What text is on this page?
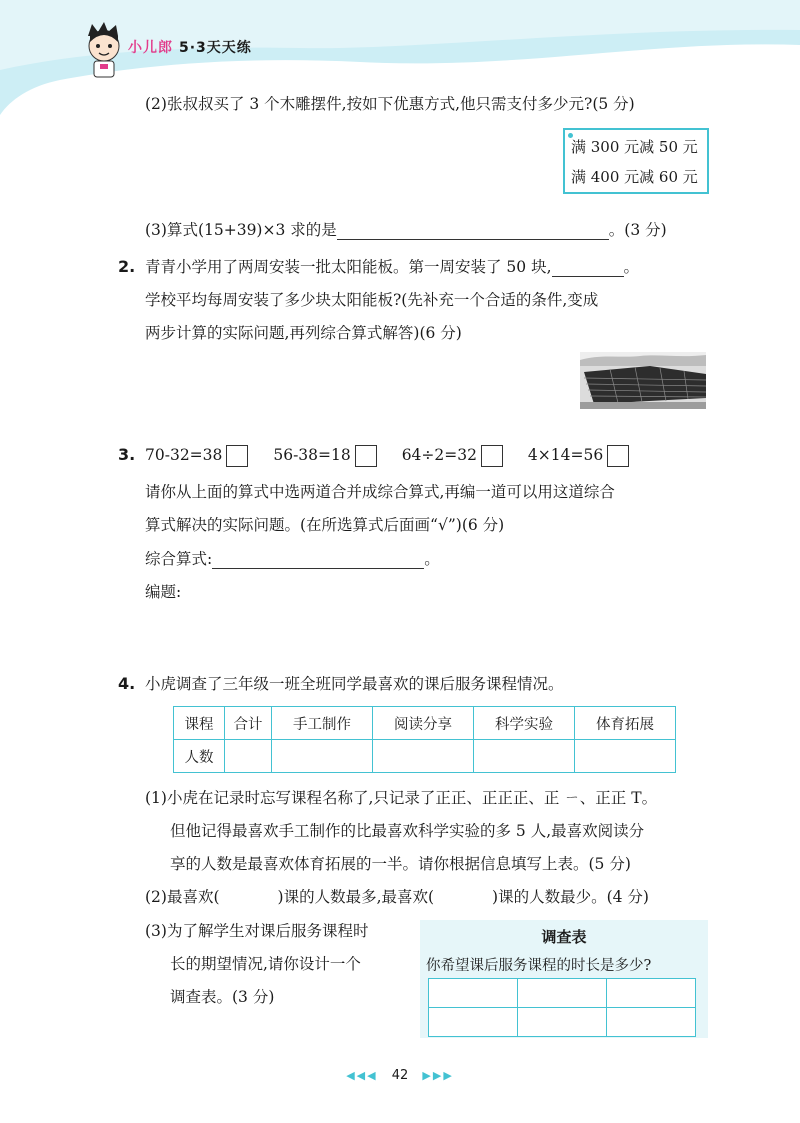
小儿郎 5·3天天练
(2)张叔叔买了 3 个木雕摆件,按如下优惠方式,他只需支付多少元?(5 分)
满 300 元减 50 元
满 400 元减 60 元
(3)算式(15+39)×3 求的是	。(3 分)
2. 青青小学用了两周安装一批太阳能板。第一周安装了 50 块,	。
学校平均每周安装了多少块太阳能板?(先补充一个合适的条件,变成
两步计算的实际问题,再列综合算式解答)(6 分)
3. 70-32=38	56-38=18	64÷2=32	4×14=56
请你从上面的算式中选两道合并成综合算式,再编一道可以用这道综合
算式解决的实际问题。(在所选算式后面画“√”)(6 分)
综合算式:	。
编题:
4. 小虎调查了三年级一班全班同学最喜欢的课后服务课程情况。
课程	合计	手工制作	阅读分享	科学实验	体育拓展
人数					
(1)小虎在记录时忘写课程名称了,只记录了正正、正正正、正 ㄧ、正正 T。
但他记得最喜欢手工制作的比最喜欢科学实验的多 5 人,最喜欢阅读分
享的人数是最喜欢体育拓展的一半。请你根据信息填写上表。(5 分)
(2)最喜欢(	)课的人数最多,最喜欢(	)课的人数最少。(4 分)
(3)为了解学生对课后服务课程时
长的期望情况,请你设计一个
调查表。(3 分)
调查表
你希望课后服务课程的时长是多少?

◀◀◀ 42 ▶▶▶
